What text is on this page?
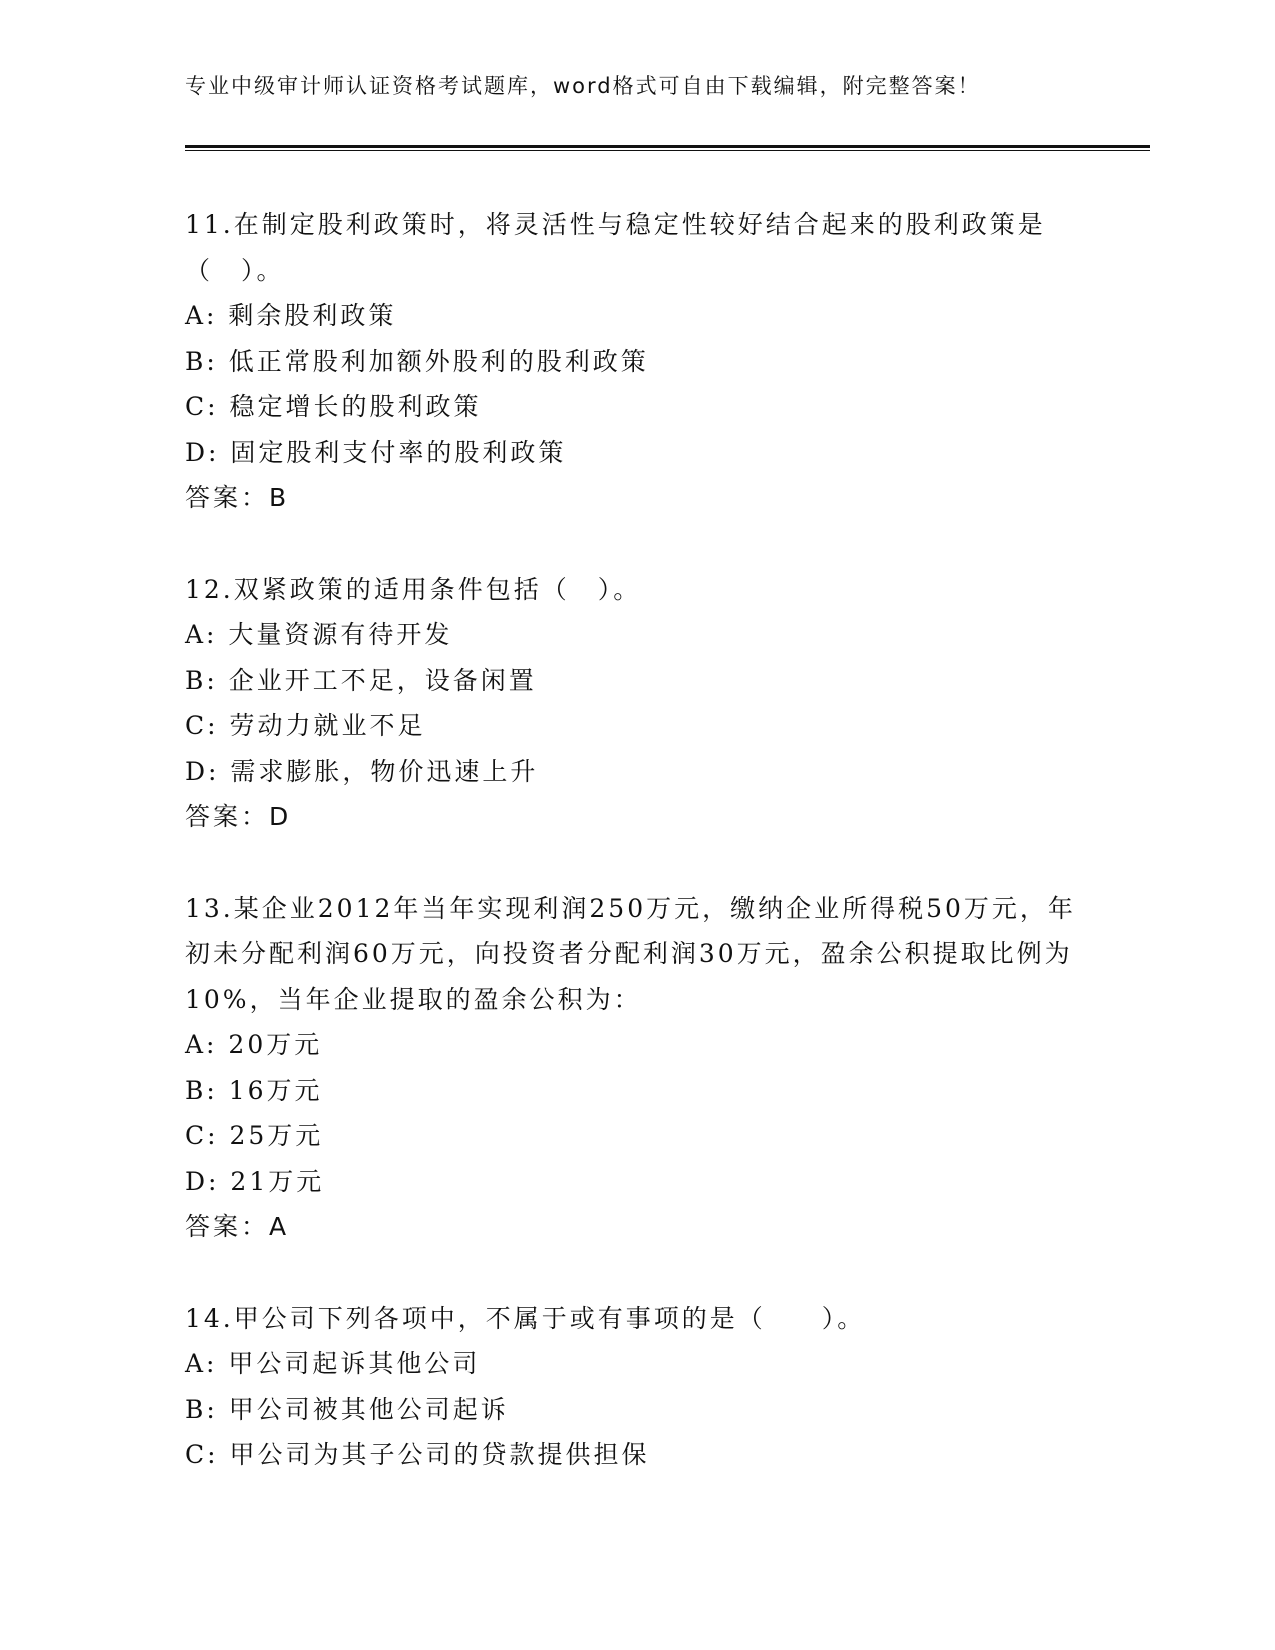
专业中级审计师认证资格考试题库，word格式可自由下载编辑，附完整答案！
11.在制定股利政策时，将灵活性与稳定性较好结合起来的股利政策是（　）。
A: 剩余股利政策
B: 低正常股利加额外股利的股利政策
C: 稳定增长的股利政策
D: 固定股利支付率的股利政策
答案：B
12.双紧政策的适用条件包括（　）。
A: 大量资源有待开发
B: 企业开工不足，设备闲置
C: 劳动力就业不足
D: 需求膨胀，物价迅速上升
答案：D
13.某企业2012年当年实现利润250万元，缴纳企业所得税50万元，年初未分配利润60万元，向投资者分配利润30万元，盈余公积提取比例为10%，当年企业提取的盈余公积为：
A: 20万元
B: 16万元
C: 25万元
D: 21万元
答案：A
14.甲公司下列各项中，不属于或有事项的是（　　）。
A: 甲公司起诉其他公司
B: 甲公司被其他公司起诉
C: 甲公司为其子公司的贷款提供担保
